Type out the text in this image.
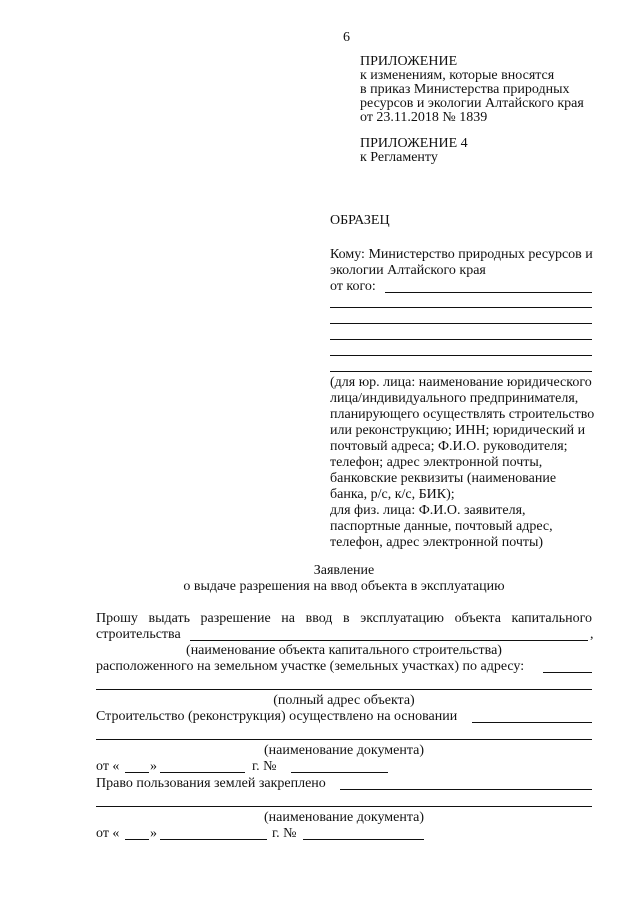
6
ПРИЛОЖЕНИЕ
к изменениям, которые вносятся
в приказ Министерства природных
ресурсов и экологии Алтайского края
от 23.11.2018 № 1839
ПРИЛОЖЕНИЕ 4
к Регламенту
ОБРАЗЕЦ
Кому: Министерство природных ресурсов и
экологии Алтайского края
от кого:
(для юр. лица: наименование юридического
лица/индивидуального предпринимателя,
планирующего осуществлять строительство
или реконструкцию; ИНН; юридический и
почтовый адреса; Ф.И.О. руководителя;
телефон; адрес электронной почты,
банковские реквизиты (наименование
банка, р/с, к/с, БИК);
для физ. лица: Ф.И.О. заявителя,
паспортные данные, почтовый адрес,
телефон, адрес электронной почты)
Заявление
о выдаче разрешения на ввод объекта в эксплуатацию
Прошу выдать разрешение на ввод в эксплуатацию объекта капитального
строительства	,
(наименование объекта капитального строительства)
расположенного на земельном участке (земельных участках) по адресу:
(полный адрес объекта)
Строительство (реконструкция) осуществлено на основании
(наименование документа)
от « »	г. №
Право пользования землей закреплено
(наименование документа)
от « »	г. №
